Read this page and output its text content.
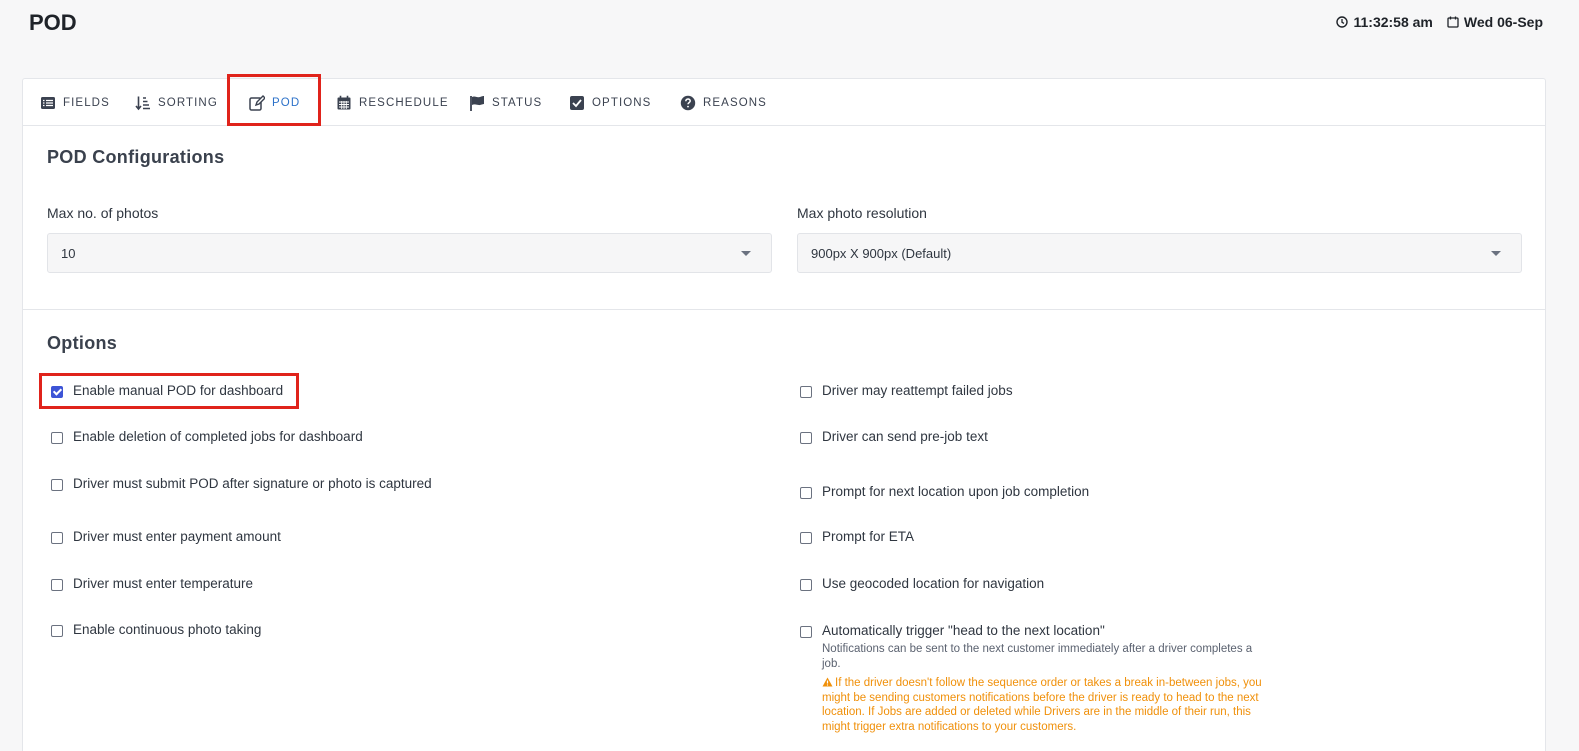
POD	11:32:58 am Wed 06-Sep
FIELDS	SORTING	POD	RESCHEDULE	STATUS	OPTIONS	REASONS
POD Configurations
Max no. of photos
10
Max photo resolution
900px X 900px (Default)
Options
Enable manual POD for dashboard
Enable deletion of completed jobs for dashboard
Driver must submit POD after signature or photo is captured
Driver must enter payment amount
Driver must enter temperature
Enable continuous photo taking
Driver may reattempt failed jobs
Driver can send pre-job text
Prompt for next location upon job completion
Prompt for ETA
Use geocoded location for navigation
Automatically trigger "head to the next location"
Notifications can be sent to the next customer immediately after a driver completes a job.
If the driver doesn't follow the sequence order or takes a break in-between jobs, you might be sending customers notifications before the driver is ready to head to the next location. If Jobs are added or deleted while Drivers are in the middle of their run, this might trigger extra notifications to your customers.
